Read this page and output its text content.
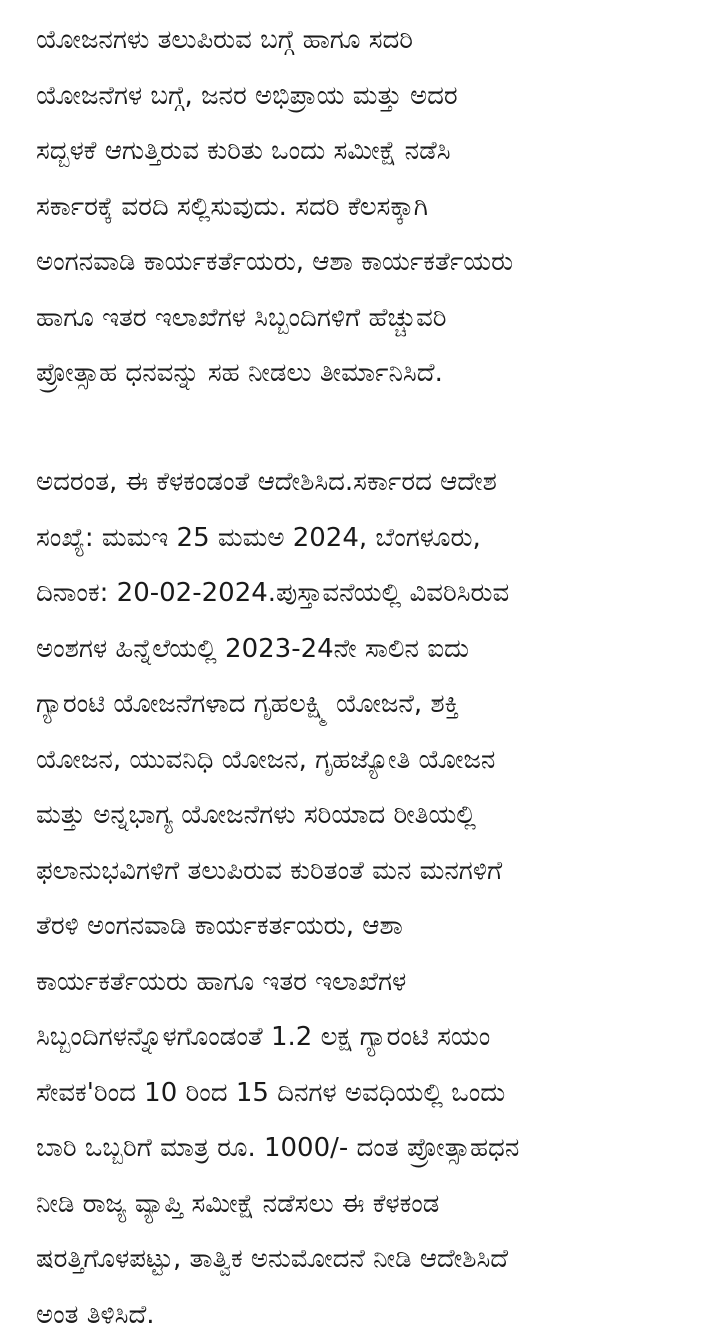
ಯೋಜನಗಳು ತಲುಪಿರುವ ಬಗ್ಗೆ ಹಾಗೂ ಸದರಿ
ಯೋಜನೆಗಳ ಬಗ್ಗೆ, ಜನರ ಅಭಿಪ್ರಾಯ ಮತ್ತು ಅದರ
ಸದ್ಬಳಕೆ ಆಗುತ್ತಿರುವ ಕುರಿತು ಒಂದು ಸಮೀಕ್ಷೆ ನಡೆಸಿ
ಸರ್ಕಾರಕ್ಕೆ ವರದಿ ಸಲ್ಲಿಸುವುದು. ಸದರಿ ಕೆಲಸಕ್ಕಾಗಿ
ಅಂಗನವಾಡಿ ಕಾರ್ಯಕರ್ತೆಯರು, ಆಶಾ ಕಾರ್ಯಕರ್ತೆಯರು
ಹಾಗೂ ಇತರ ಇಲಾಖೆಗಳ ಸಿಬ್ಬಂದಿಗಳಿಗೆ ಹೆಚ್ಚುವರಿ
ಪ್ರೋತ್ಸಾಹ ಧನವನ್ನು ಸಹ ನೀಡಲು ತೀರ್ಮಾನಿಸಿದೆ.
ಅದರಂತ, ಈ ಕೆಳಕಂಡಂತೆ ಆದೇಶಿಸಿದ.ಸರ್ಕಾರದ ಆದೇಶ
ಸಂಖ್ಯೆ: ಮಮಇ 25 ಮಮಅ 2024, ಬೆಂಗಳೂರು,
ದಿನಾಂಕ: 20-02-2024.ಪುಸ್ತಾವನೆಯಲ್ಲಿ ವಿವರಿಸಿರುವ
ಅಂಶಗಳ ಹಿನ್ನೆಲೆಯಲ್ಲಿ 2023-24ನೇ ಸಾಲಿನ ಐದು
ಗ್ಯಾರಂಟಿ ಯೋಜನೆಗಳಾದ ಗೃಹಲಕ್ಷ್ಮಿ ಯೋಜನೆ, ಶಕ್ತಿ
ಯೋಜನ, ಯುವನಿಧಿ ಯೋಜನ, ಗೃಹಜ್ಯೋತಿ ಯೋಜನ
ಮತ್ತು ಅನ್ನಭಾಗ್ಯ ಯೋಜನೆಗಳು ಸರಿಯಾದ ರೀತಿಯಲ್ಲಿ
ಫಲಾನುಭವಿಗಳಿಗೆ ತಲುಪಿರುವ ಕುರಿತಂತೆ ಮನ ಮನಗಳಿಗೆ
ತೆರಳಿ ಅಂಗನವಾಡಿ ಕಾರ್ಯಕರ್ತಯರು, ಆಶಾ
ಕಾರ್ಯಕರ್ತೆಯರು ಹಾಗೂ ಇತರ ಇಲಾಖೆಗಳ
ಸಿಬ್ಬಂದಿಗಳನ್ನೊಳಗೊಂಡಂತೆ 1.2 ಲಕ್ಷ ಗ್ಯಾರಂಟಿ ಸಯಂ
ಸೇವಕ'ರಿಂದ 10 ರಿಂದ 15 ದಿನಗಳ ಅವಧಿಯಲ್ಲಿ ಒಂದು
ಬಾರಿ ಒಬ್ಬರಿಗೆ ಮಾತ್ರ ರೂ. 1000/- ದಂತ ಪ್ರೋತ್ಸಾಹಧನ
ನೀಡಿ ರಾಜ್ಯ ವ್ಯಾಪ್ತಿ ಸಮೀಕ್ಷೆ ನಡೆಸಲು ಈ ಕೆಳಕಂಡ
ಷರತ್ತಿಗೊಳಪಟ್ಟು, ತಾತ್ವಿಕ ಅನುಮೋದನೆ ನೀಡಿ ಆದೇಶಿಸಿದೆ
ಅಂತ ತಿಳಿಸಿದೆ.
